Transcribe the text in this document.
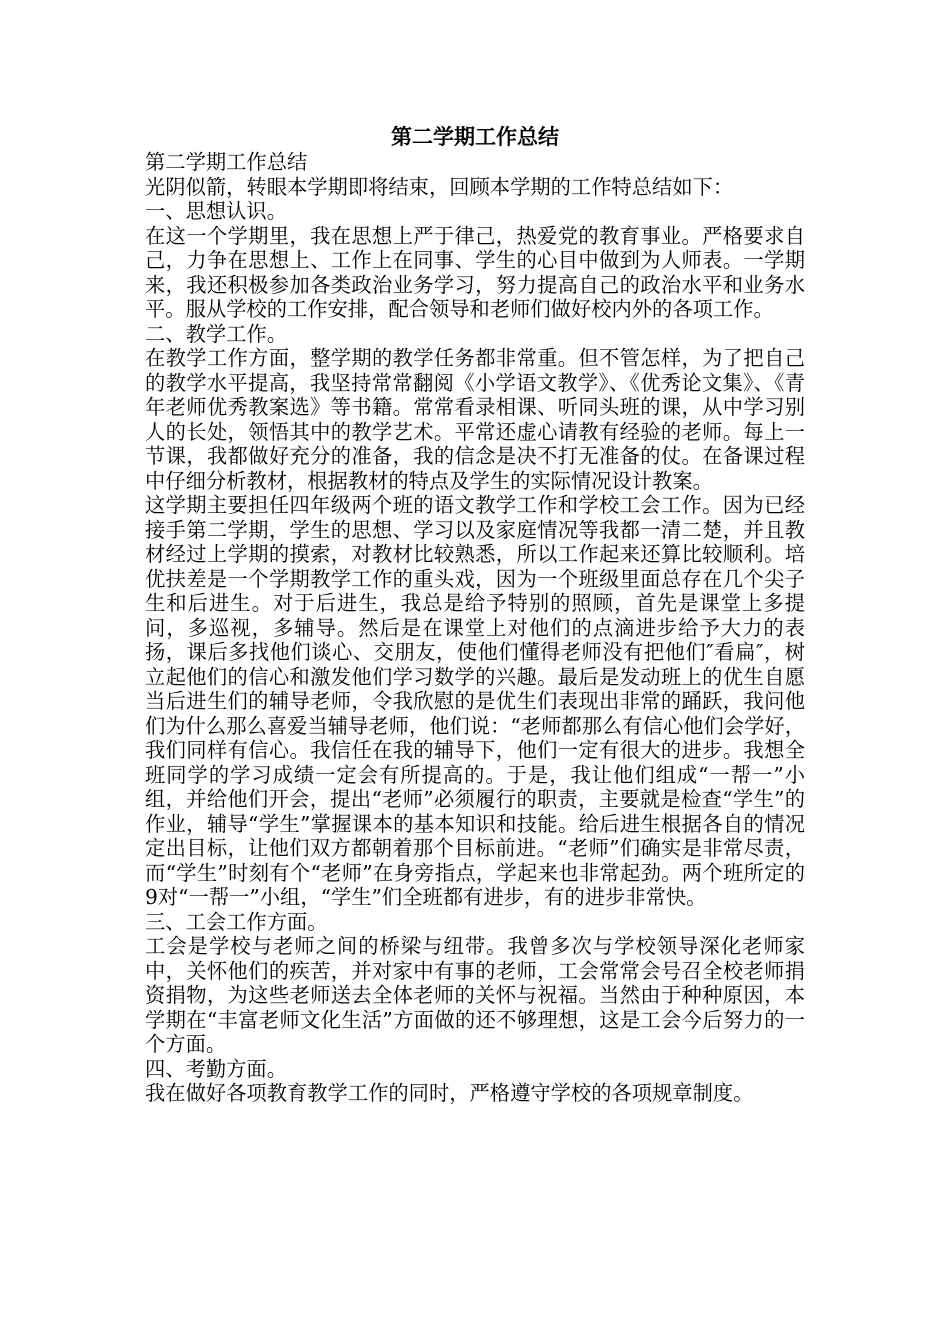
第二学期工作总结

第二学期工作总结

光阴似箭，转眼本学期即将结束，回顾本学期的工作特总结如下：

一、思想认识。

在这一个学期里，我在思想上严于律己，热爱党的教育事业。严格要求自己，力争在思想上、工作上在同事、学生的心目中做到为人师表。一学期来，我还积极参加各类政治业务学习，努力提高自己的政治水平和业务水平。服从学校的工作安排，配合领导和老师们做好校内外的各项工作。

二、教学工作。

在教学工作方面，整学期的教学任务都非常重。但不管怎样，为了把自己的教学水平提高，我坚持常常翻阅《小学语文教学》、《优秀论文集》、《青年老师优秀教案选》等书籍。常常看录相课、听同头班的课，从中学习别人的长处，领悟其中的教学艺术。平常还虚心请教有经验的老师。每上一节课，我都做好充分的准备，我的信念是决不打无准备的仗。在备课过程中仔细分析教材，根据教材的特点及学生的实际情况设计教案。

这学期主要担任四年级两个班的语文教学工作和学校工会工作。因为已经接手第二学期，学生的思想、学习以及家庭情况等我都一清二楚，并且教材经过上学期的摸索，对教材比较熟悉，所以工作起来还算比较顺利。培优扶差是一个学期教学工作的重头戏，因为一个班级里面总存在几个尖子生和后进生。对于后进生，我总是给予特别的照顾，首先是课堂上多提问，多巡视，多辅导。然后是在课堂上对他们的点滴进步给予大力的表扬，课后多找他们谈心、交朋友，使他们懂得老师没有把他们″看扁″，树立起他们的信心和激发他们学习数学的兴趣。最后是发动班上的优生自愿当后进生们的辅导老师，令我欣慰的是优生们表现出非常的踊跃，我问他们为什么那么喜爱当辅导老师，他们说：“老师都那么有信心他们会学好，我们同样有信心。我信任在我的辅导下，他们一定有很大的进步。我想全班同学的学习成绩一定会有所提高的。于是，我让他们组成“一帮一”小组，并给他们开会，提出“老师”必须履行的职责，主要就是检查“学生”的作业，辅导“学生”掌握课本的基本知识和技能。给后进生根据各自的情况定出目标，让他们双方都朝着那个目标前进。“老师”们确实是非常尽责，而“学生”时刻有个“老师”在身旁指点，学起来也非常起劲。两个班所定的9对“一帮一”小组，“学生”们全班都有进步，有的进步非常快。

三、工会工作方面。

工会是学校与老师之间的桥梁与纽带。我曾多次与学校领导深化老师家中，关怀他们的疾苦，并对家中有事的老师，工会常常会号召全校老师捐资捐物，为这些老师送去全体老师的关怀与祝福。当然由于种种原因，本学期在“丰富老师文化生活”方面做的还不够理想，这是工会今后努力的一个方面。

四、考勤方面。

我在做好各项教育教学工作的同时，严格遵守学校的各项规章制度。
